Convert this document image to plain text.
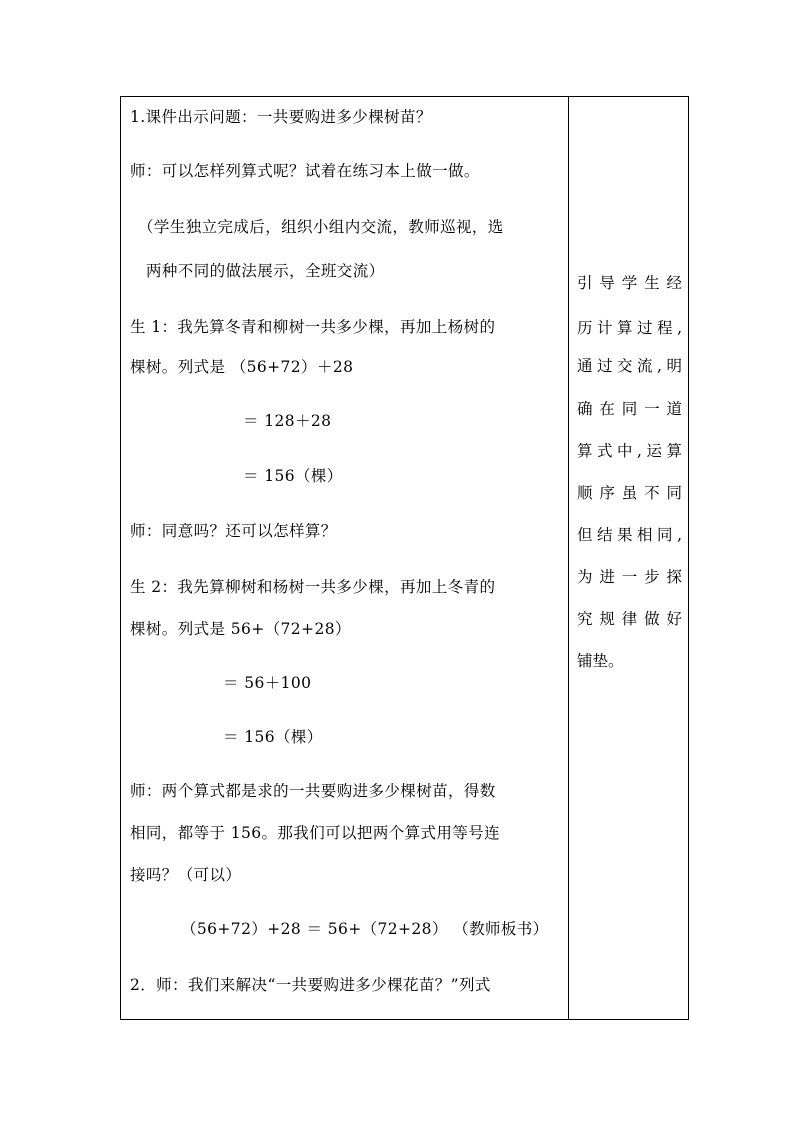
1.课件出示问题：一共要购进多少棵树苗？
师：可以怎样列算式呢？试着在练习本上做一做。
（学生独立完成后，组织小组内交流，教师巡视，选
两种不同的做法展示，全班交流）
生 1：我先算冬青和柳树一共多少棵，再加上杨树的
棵树。列式是 （56+72）＋28
＝ 128＋28
＝ 156（棵）
师：同意吗？还可以怎样算？
生 2：我先算柳树和杨树一共多少棵，再加上冬青的
棵树。列式是 56+（72+28）
＝ 56＋100
＝ 156（棵）
师：两个算式都是求的一共要购进多少棵树苗，得数
相同，都等于 156。那我们可以把两个算式用等号连
接吗？（可以）
（56+72）+28 ＝ 56+（72+28） （教师板书）
2．师：我们来解决“一共要购进多少棵花苗？”列式
引导学生经
历计算过程,
通过交流,明
确在同一道
算式中,运算
顺序虽不同
但结果相同,
为进一步探
究规律做好
铺垫。
